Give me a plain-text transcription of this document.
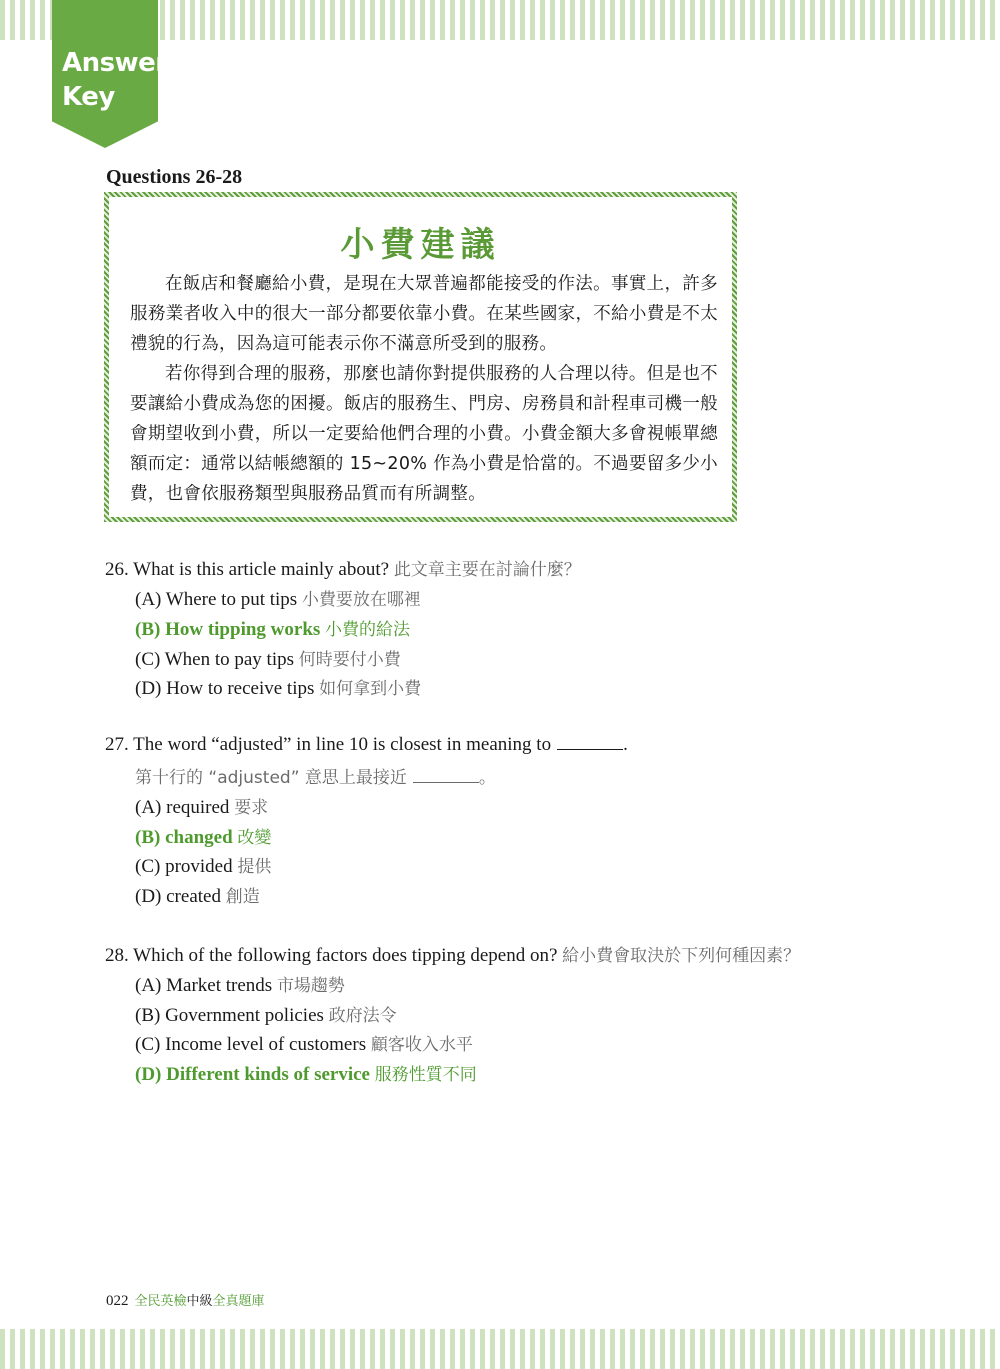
Answer
Key
Questions 26-28
小費建議

在飯店和餐廳給小費，是現在大眾普遍都能接受的作法。事實上，許多服務業者收入中的很大一部分都要依靠小費。在某些國家，不給小費是不太禮貌的行為，因為這可能表示你不滿意所受到的服務。

若你得到合理的服務，那麼也請你對提供服務的人合理以待。但是也不要讓給小費成為您的困擾。飯店的服務生、門房、房務員和計程車司機一般會期望收到小費，所以一定要給他們合理的小費。小費金額大多會視帳單總額而定：通常以結帳總額的 15~20% 作為小費是恰當的。不過要留多少小費，也會依服務類型與服務品質而有所調整。

26. What is this article mainly about? 此文章主要在討論什麼？
(A) Where to put tips 小費要放在哪裡
(B) How tipping works 小費的給法
(C) When to pay tips 何時要付小費
(D) How to receive tips 如何拿到小費
27. The word “adjusted” in line 10 is closest in meaning to	.
第十行的 “adjusted” 意思上最接近	。
(A) required 要求
(B) changed 改變
(C) provided 提供
(D) created 創造
28. Which of the following factors does tipping depend on? 給小費會取決於下列何種因素？
(A) Market trends 市場趨勢
(B) Government policies 政府法令
(C) Income level of customers 顧客收入水平
(D) Different kinds of service 服務性質不同
022 全民英檢中級全真題庫
